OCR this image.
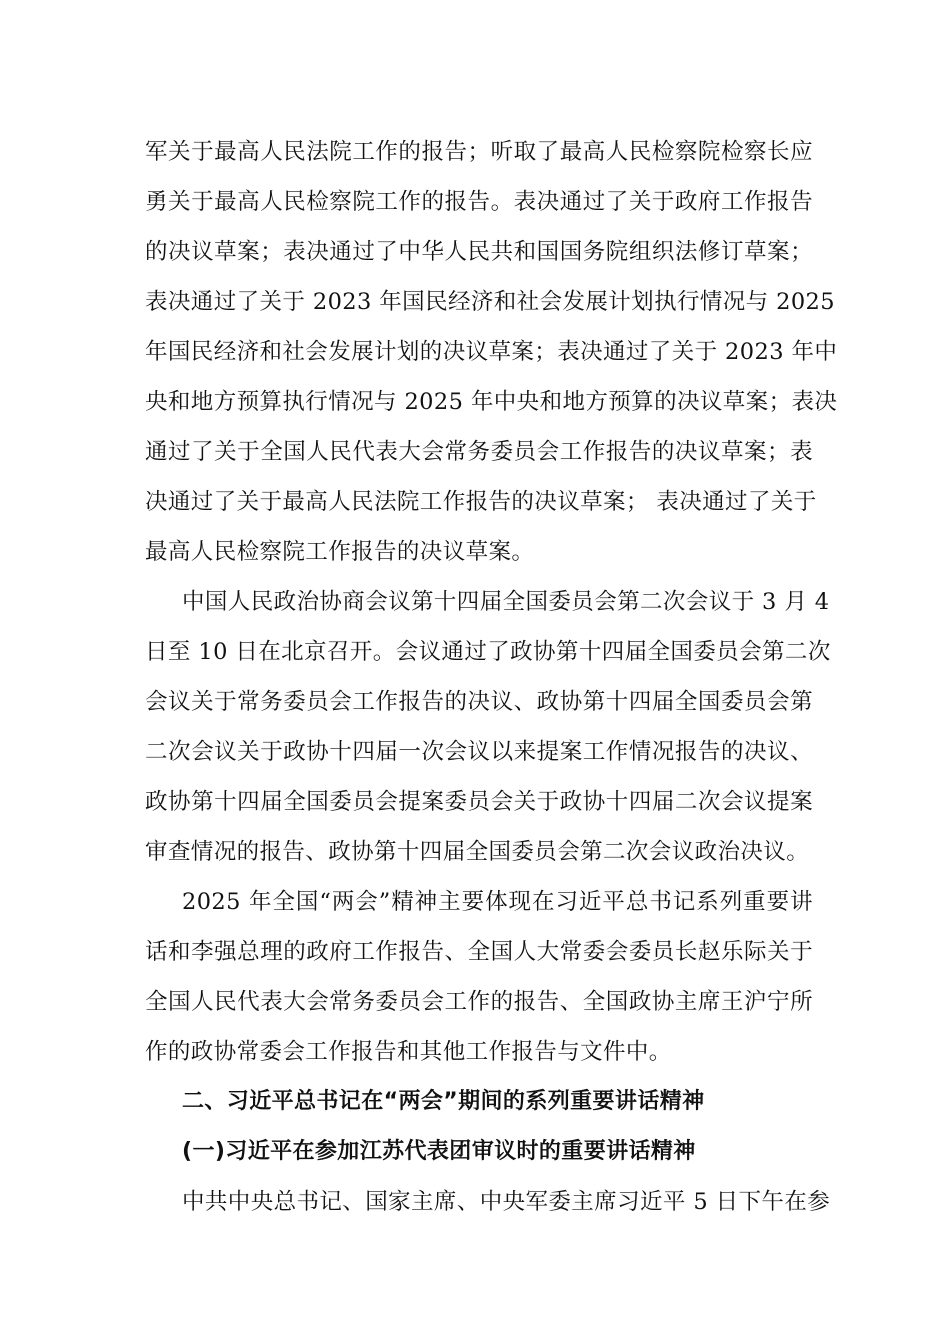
军关于最高人民法院工作的报告；听取了最高人民检察院检察长应
勇关于最高人民检察院工作的报告。表决通过了关于政府工作报告
的决议草案；表决通过了中华人民共和国国务院组织法修订草案；
表决通过了关于 2023 年国民经济和社会发展计划执行情况与 2025
年国民经济和社会发展计划的决议草案；表决通过了关于 2023 年中
央和地方预算执行情况与 2025 年中央和地方预算的决议草案；表决
通过了关于全国人民代表大会常务委员会工作报告的决议草案；表
决通过了关于最高人民法院工作报告的决议草案； 表决通过了关于
最高人民检察院工作报告的决议草案。
中国人民政治协商会议第十四届全国委员会第二次会议于 3 月 4
日至 10 日在北京召开。会议通过了政协第十四届全国委员会第二次
会议关于常务委员会工作报告的决议、政协第十四届全国委员会第
二次会议关于政协十四届一次会议以来提案工作情况报告的决议、
政协第十四届全国委员会提案委员会关于政协十四届二次会议提案
审查情况的报告、政协第十四届全国委员会第二次会议政治决议。
2025 年全国“两会”精神主要体现在习近平总书记系列重要讲
话和李强总理的政府工作报告、全国人大常委会委员长赵乐际关于
全国人民代表大会常务委员会工作的报告、全国政协主席王沪宁所
作的政协常委会工作报告和其他工作报告与文件中。
二、习近平总书记在“两会”期间的系列重要讲话精神
(一)习近平在参加江苏代表团审议时的重要讲话精神
中共中央总书记、国家主席、中央军委主席习近平 5 日下午在参
